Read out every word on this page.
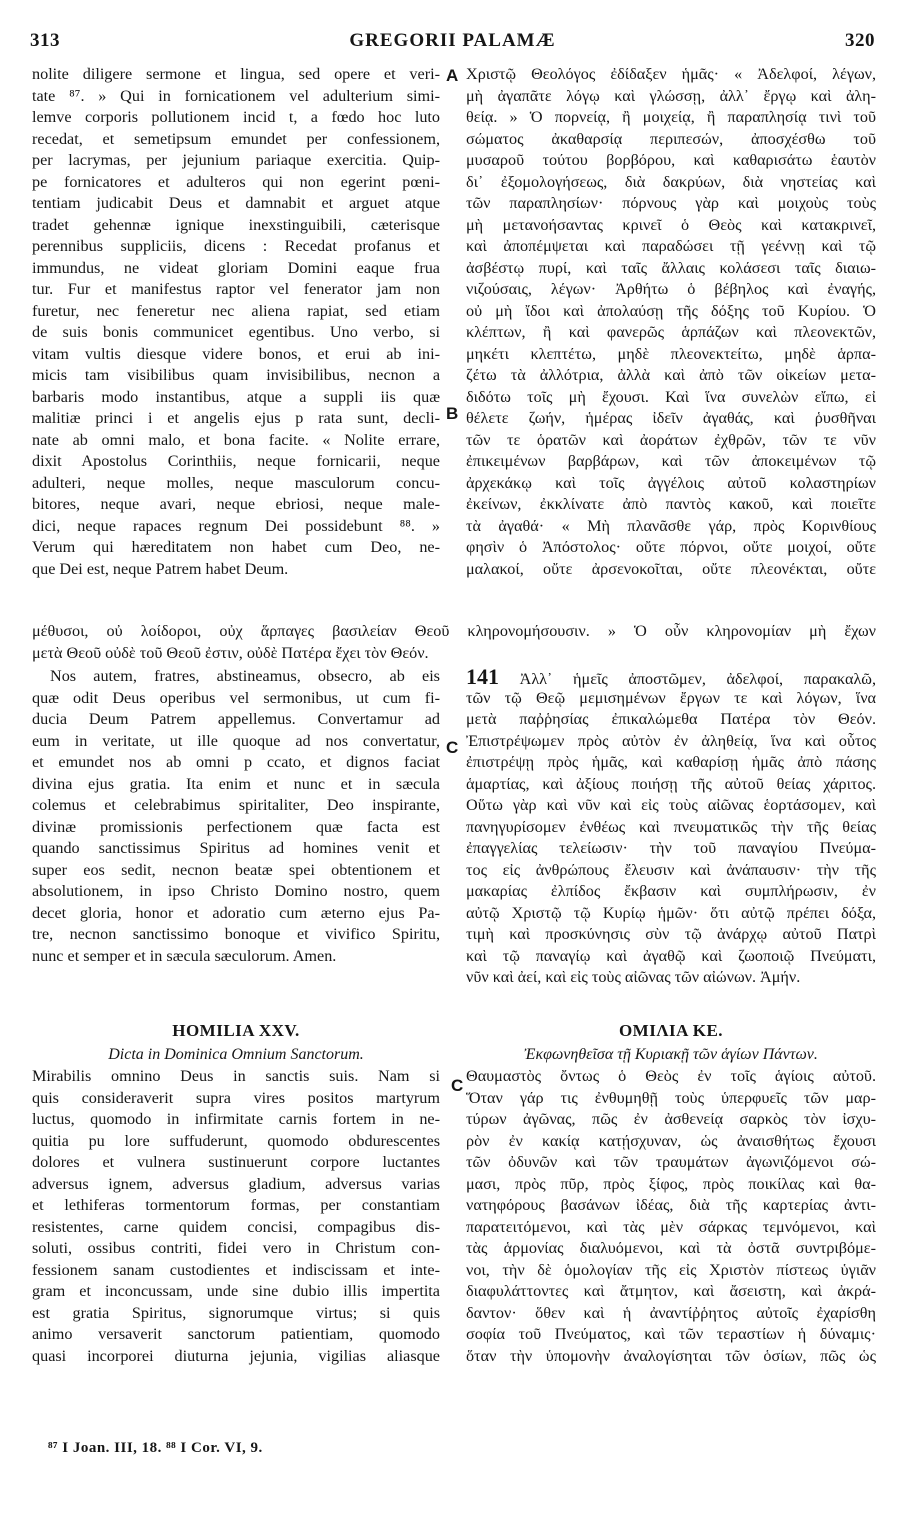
313	GREGORII PALAMÆ	320
A
B
C
C
nolite diligere sermone et lingua, sed opere et veri-
tate ⁸⁷. » Qui in fornicationem vel adulterium simi-
lemve corporis pollutionem incid t, a fœdo hoc luto
recedat, et semetipsum emundet per confessionem,
per lacrymas, per jejunium pariaque exercitia. Quip-
pe fornicatores et adulteros qui non egerint pœni-
tentiam judicabit Deus et damnabit et arguet atque
tradet gehennæ ignique inexstinguibili, cæterisque
perennibus suppliciis, dicens : Recedat profanus et
immundus, ne videat gloriam Domini eaque frua
tur. Fur et manifestus raptor vel fenerator jam non
furetur, nec feneretur nec aliena rapiat, sed etiam
de suis bonis communicet egentibus. Uno verbo, si
vitam vultis diesque videre bonos, et erui ab ini-
micis tam visibilibus quam invisibilibus, necnon a
barbaris modo instantibus, atque a suppli iis quæ
malitiæ princi i et angelis ejus p rata sunt, decli-
nate ab omni malo, et bona facite. « Nolite errare,
dixit Apostolus Corinthiis, neque fornicarii, neque
adulteri, neque molles, neque masculorum concu-
bitores, neque avari, neque ebriosi, neque male-
dici, neque rapaces regnum Dei possidebunt ⁸⁸. »
Verum qui hæreditatem non habet cum Deo, ne-
que Dei est, neque Patrem habet Deum.
Χριστῷ Θεολόγος ἐδίδαξεν ἡμᾶς· « Ἀδελφοί, λέγων,
μὴ ἀγαπᾶτε λόγῳ καὶ γλώσσῃ, ἀλλ᾽ ἔργῳ καὶ ἀλη-
θείᾳ. » Ὁ πορνείᾳ, ἢ μοιχείᾳ, ἢ παραπλησίᾳ τινὶ τοῦ
σώματος ἀκαθαρσίᾳ περιπεσών, ἀποσχέσθω τοῦ
μυσαροῦ τούτου βορβόρου, καὶ καθαρισάτω ἑαυτὸν
δι᾽ ἐξομολογήσεως, διὰ δακρύων, διὰ νηστείας καὶ
τῶν παραπλησίων· πόρνους γὰρ καὶ μοιχοὺς τοὺς
μὴ μετανοήσαντας κρινεῖ ὁ Θεὸς καὶ κατακρινεῖ,
καὶ ἀποπέμψεται καὶ παραδώσει τῇ γεέννῃ καὶ τῷ
ἀσβέστῳ πυρί, καὶ ταῖς ἄλλαις κολάσεσι ταῖς διαιω-
νιζούσαις, λέγων· Ἀρθήτω ὁ βέβηλος καὶ ἐναγής,
οὐ μὴ ἴδοι καὶ ἀπολαύσῃ τῆς δόξης τοῦ Κυρίου. Ὁ
κλέπτων, ἢ καὶ φανερῶς ἁρπάζων καὶ πλεονεκτῶν,
μηκέτι κλεπτέτω, μηδὲ πλεονεκτείτω, μηδὲ ἁρπα-
ζέτω τὰ ἀλλότρια, ἀλλὰ καὶ ἀπὸ τῶν οἰκείων μετα-
διδότω τοῖς μὴ ἔχουσι. Καὶ ἵνα συνελὼν εἴπω, εἰ
θέλετε ζωήν, ἡμέρας ἰδεῖν ἀγαθάς, καὶ ῥυσθῆναι
τῶν τε ὁρατῶν καὶ ἀοράτων ἐχθρῶν, τῶν τε νῦν
ἐπικειμένων βαρβάρων, καὶ τῶν ἀποκειμένων τῷ
ἀρχεκάκῳ καὶ τοῖς ἀγγέλοις αὐτοῦ κολαστηρίων
ἐκείνων, ἐκκλίνατε ἀπὸ παντὸς κακοῦ, καὶ ποιεῖτε
τὰ ἀγαθά· « Μὴ πλανᾶσθε γάρ, πρὸς Κορινθίους
φησὶν ὁ Ἀπόστολος· οὔτε πόρνοι, οὔτε μοιχοί, οὔτε
μαλακοί, οὔτε ἀρσενοκοῖται, οὔτε πλεονέκται, οὔτε
μέθυσοι, οὐ λοίδοροι, οὐχ ἅρπαγες βασιλείαν Θεοῦ κληρονομήσουσιν. » Ὁ οὖν κληρονομίαν μὴ ἔχων
μετὰ Θεοῦ οὐδὲ τοῦ Θεοῦ ἐστιν, οὐδὲ Πατέρα ἔχει τὸν Θεόν.
Nos autem, fratres, abstineamus, obsecro, ab eis
quæ odit Deus operibus vel sermonibus, ut cum fi-
ducia Deum Patrem appellemus. Convertamur ad
eum in veritate, ut ille quoque ad nos convertatur,
et emundet nos ab omni p ccato, et dignos faciat
divina ejus gratia. Ita enim et nunc et in sæcula
colemus et celebrabimus spiritaliter, Deo inspirante,
divinæ promissionis perfectionem quæ facta est
quando sanctissimus Spiritus ad homines venit et
super eos sedit, necnon beatæ spei obtentionem et
absolutionem, in ipso Christo Domino nostro, quem
decet gloria, honor et adoratio cum æterno ejus Pa-
tre, necnon sanctissimo bonoque et vivifico Spiritu,
nunc et semper et in sæcula sæculorum. Amen.
141 Ἀλλ᾽ ἡμεῖς ἀποστῶμεν, ἀδελφοί, παρακαλῶ,
τῶν τῷ Θεῷ μεμισημένων ἔργων τε καὶ λόγων, ἵνα
μετὰ παῤῥησίας ἐπικαλώμεθα Πατέρα τὸν Θεόν.
Ἐπιστρέψωμεν πρὸς αὐτὸν ἐν ἀληθείᾳ, ἵνα καὶ οὗτος
ἐπιστρέψῃ πρὸς ἡμᾶς, καὶ καθαρίσῃ ἡμᾶς ἀπὸ πάσης
ἁμαρτίας, καὶ ἀξίους ποιήσῃ τῆς αὐτοῦ θείας χάριτος.
Οὕτω γὰρ καὶ νῦν καὶ εἰς τοὺς αἰῶνας ἑορτάσομεν, καὶ
πανηγυρίσομεν ἐνθέως καὶ πνευματικῶς τὴν τῆς θείας
ἐπαγγελίας τελείωσιν· τὴν τοῦ παναγίου Πνεύμα-
τος εἰς ἀνθρώπους ἔλευσιν καὶ ἀνάπαυσιν· τὴν τῆς
μακαρίας ἐλπίδος ἔκβασιν καὶ συμπλήρωσιν, ἐν
αὐτῷ Χριστῷ τῷ Κυρίῳ ἡμῶν· ὅτι αὐτῷ πρέπει δόξα,
τιμὴ καὶ προσκύνησις σὺν τῷ ἀνάρχῳ αὐτοῦ Πατρὶ
καὶ τῷ παναγίῳ καὶ ἀγαθῷ καὶ ζωοποιῷ Πνεύματι,
νῦν καὶ ἀεί, καὶ εἰς τοὺς αἰῶνας τῶν αἰώνων. Ἀμήν.
HOMILIA XXV.
Dicta in Dominica Omnium Sanctorum.
ΟΜΙΛΙΑ ΚΕ.
Ἐκφωνηθεῖσα τῇ Κυριακῇ τῶν ἁγίων Πάντων.
Mirabilis omnino Deus in sanctis suis. Nam si
quis consideraverit supra vires positos martyrum
luctus, quomodo in infirmitate carnis fortem in ne-
quitia pu lore suffuderunt, quomodo obdurescentes
dolores et vulnera sustinuerunt corpore luctantes
adversus ignem, adversus gladium, adversus varias
et lethiferas tormentorum formas, per constantiam
resistentes, carne quidem concisi, compagibus dis-
soluti, ossibus contriti, fidei vero in Christum con-
fessionem sanam custodientes et indiscissam et inte-
gram et inconcussam, unde sine dubio illis impertita
est gratia Spiritus, signorumque virtus; si quis
animo versaverit sanctorum patientiam, quomodo
quasi incorporei diuturna jejunia, vigilias aliasque
Θαυμαστὸς ὄντως ὁ Θεὸς ἐν τοῖς ἁγίοις αὐτοῦ.
Ὅταν γάρ τις ἐνθυμηθῇ τοὺς ὑπερφυεῖς τῶν μαρ-
τύρων ἀγῶνας, πῶς ἐν ἀσθενείᾳ σαρκὸς τὸν ἰσχυ-
ρὸν ἐν κακίᾳ κατῄσχυναν, ὡς ἀναισθήτως ἔχουσι
τῶν ὀδυνῶν καὶ τῶν τραυμάτων ἀγωνιζόμενοι σώ-
μασι, πρὸς πῦρ, πρὸς ξίφος, πρὸς ποικίλας καὶ θα-
νατηφόρους βασάνων ἰδέας, διὰ τῆς καρτερίας ἀντι-
παρατειτόμενοι, καὶ τὰς μὲν σάρκας τεμνόμενοι, καὶ
τὰς ἁρμονίας διαλυόμενοι, καὶ τὰ ὀστᾶ συντριβόμε-
νοι, τὴν δὲ ὁμολογίαν τῆς εἰς Χριστὸν πίστεως ὑγιᾶν
διαφυλάττοντες καὶ ἄτμητον, καὶ ἄσειστη, καὶ ἀκρά-
δαντον· ὅθεν καὶ ἡ ἀναντίῤῥητος αὐτοῖς ἐχαρίσθη
σοφία τοῦ Πνεύματος, καὶ τῶν τεραστίων ἡ δύναμις·
ὅταν τὴν ὑπομονὴν ἀναλογίσηται τῶν ὁσίων, πῶς ὡς
⁸⁷ I Joan. III, 18. ⁸⁸ I Cor. VI, 9.
